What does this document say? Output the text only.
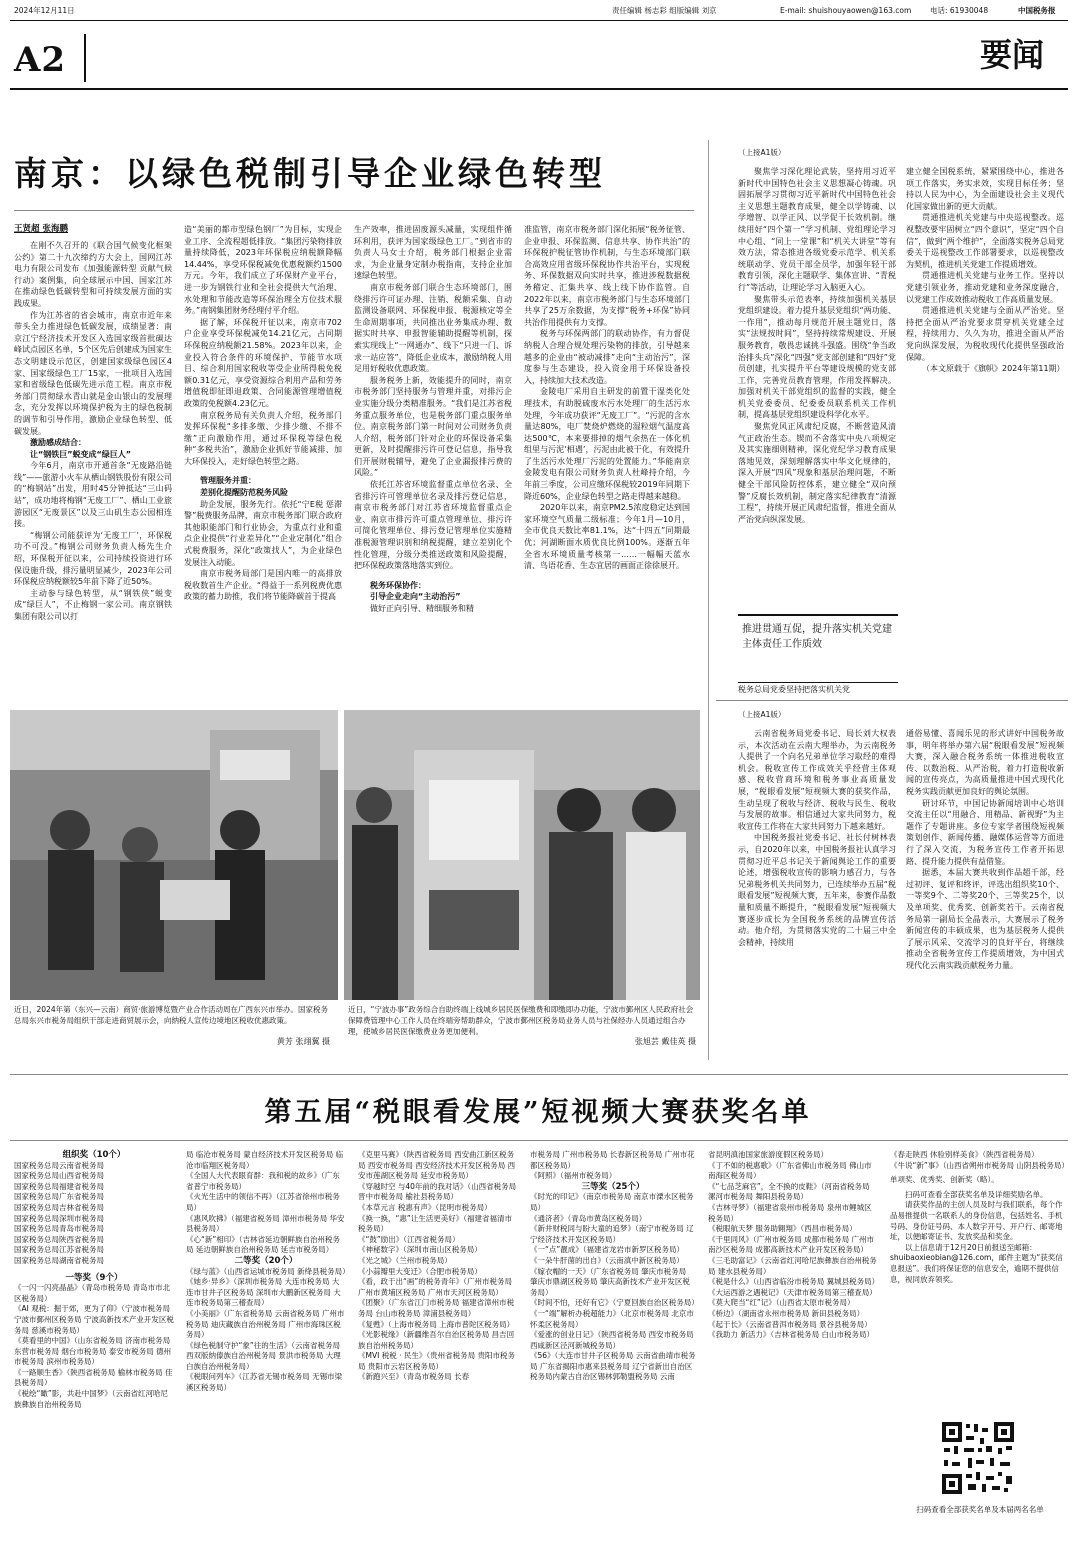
2024年12月11日	责任编辑 杨志彩 组版编辑 刘京	E-mail: shuishouyaowen@163.com 电话: 61930048	中国税务报
A2	要闻
南京：以绿色税制引导企业绿色转型
王贤超 张海鹏

在刚不久召开的《联合国气候变化框架公约》第二十九次缔约方大会上，国网江苏电力有限公司发布《加强能源转型 贡献气候行动》案例集，向全球展示中国、国家江苏在推动绿色低碳转型和可持续发展方面的实践成果。

作为江苏省的省会城市，南京市近年来带头全力推进绿色低碳发展，成绩显著：南京江宁经济技术开发区入选国家级首批碳达峰试点园区名单，5个区先后创建成为国家生态文明建设示范区，创建国家级绿色园区4家、国家级绿色工厂15家，一批项目入选国家和省级绿色低碳先进示范工程。南京市税务部门贯彻绿水青山就是金山银山的发展理念，充分发挥以环境保护税为主的绿色税制的调节和引导作用，激励企业绿色转型、低碳发展。

激励感成结合：

让“钢铁巨”蜕变成“绿巨人”

今年6月，南京市开通首条“无废路沿链线”——旅游小火车从栖山钢铁股份有限公司的“梅钢站”出发，用时45分钟抵达“三山码站”，成功地将梅钢“无废工厂”、栖山工业旅游园区“无废景区”以及三山矶生态公园相连接。

“梅钢公司能获评为‘无废工厂’，环保税功不可没。”梅钢公司财务负责人杨先生介绍，环保税开征以来，公司持续投资进行环保设施升级，排污量明显减少，2023年公司环保税应纳税额较5年前下降了近50%。

主动参与绿色转型，从“钢铁侠”蜕变成“绿巨人”，不止梅钢一家公司。南京钢铁集团有限公司以打

造“美丽的都市型绿色钢厂”为目标，实现企业工序、全流程超低排放。“集团污染物排放量持续降低，2023年环保税应纳税额降幅14.44%，享受环保税减免优惠税额约1500万元。今年，我们成立了环保财产业平台，进一步为钢铁行业和全社会提供大气治理、水处理和节能改造等环保治理全方位技术服务。”南钢集团财务经理付平介绍。

据了解，环保税开征以来，南京市702户企业享受环保税减免14.21亿元，占同期环保税应纳税额21.58%。2023年以来，企业投入符合条件的环境保护、节能节水项目、综合利用国家税收等受企业所得税免税额0.31亿元，享受资源综合利用产品和劳务增值税即征即退政策、合同能源管理增值税政策的免税额4.23亿元。

南京税务局有关负责人介绍，税务部门发挥环保税“多排多缴、少排少缴、不排不缴”正向激励作用，通过环保税等绿色税种“多税共治”，激励企业抓好节能减排、加大环保投入，走好绿色转型之路。

管理服务并重：

差别化提醒防范税务风险

助企发展，服务先行。依托“宁E税 惩滞警”税费服务品牌，南京市税务部门联合政府其他职能部门和行业协会，为重点行业和重点企业提供“行业差异化”“企业定制化”组合式税费服务，深化“政策找人”，为企业绿色发展注入动能。

南京市税务局部门是国内唯一的高排放税收数首生产企业。“得益于一系列税费优惠政策的蓄力助推，我们将节能降碳首于提高

生产效率，推进固废源头减量，实现组件循环利用，获评为国家级绿色工厂。”到省市的负责人马女士介绍，税务部门根据企业需求，为企业量身定制办税指南，支持企业加速绿色转型。

南京市税务部门联合生态环境部门，围绕排污许可证办理、注销、税额采集、自动监测设备联网、环保税申报、税源核定等全生命周期事项，共同推出业务集成办理、数据实时共享、申报智能辅助提醒等机制，探索实现线上“一网通办”、线下“只进一门、诉求一站应答”，降低企业成本，激励纳税人用足用好税收优惠政策。

服务税务上新，效能提升的同时，南京市税务部门坚持服务与管理并重，对排污企业实施分级分类精准服务。“我们是江苏省税务重点服务单位，也是税务部门重点服务单位。南京税务部门第一时间对公司财务负责人介绍，税务部门针对企业的环保设备采集更新，及时提醒排污许可登记信息，指导我们开展财税辅导，避免了企业漏报排污费的风险。”

依托江苏省环境监督重点单位名录、全省排污许可管理单位名录及排污登记信息，南京市税务部门对江苏省环境监督重点企业、南京市排污许可重点管理单位、排污许可简化管理单位、排污登记管理单位实施精准税源管理识别和纳税提醒，建立差别化个性化管理，分级分类推送政策和风险提醒，把环保税政策落地落实到位。

税务环保协作：

引导企业走向“主动治污”

做好正向引导、精细服务和精

准监管，南京市税务部门深化拓展“税务征管、企业申报、环保监测、信息共享、协作共治”的环保税护税征管协作机制，与生态环境部门联合高效应用省级环保税协作共治平台，实现税务、环保数据双向实时共享，推进涉税数据税务稽定、汇集共享、线上线下协作监管。自2022年以来，南京市税务部门与生态环境部门共享了25万余数据，为支撑“税务+环保”协同共治作用提供有力支撑。

税务与环保两部门的联动协作，有力督促纳税人合理合规处理污染物的排放，引导越来越多的企业由“被动减排”走向“主动治污”，深度参与生态建设，投入资金用于环保设备投入，持续加大技术改造。

金陵电厂采用自主研发的前置干湿类化处理技术，有助脱硫废水污水处理厂的生活污水处理，今年成功获评“无废工厂”。“污泥的含水量达80%，电厂焚烧炉燃烧的湿粒烟气温度高达500℃，本来要排掉的烟气余热在一体化机组里与污泥‘相遇’，污泥由此被干化，有效提升了生活污水处理厂污泥的处置能力。”华能南京金陵发电有限公司财务负责人杜峰持介绍，今年前三季度，公司应缴环保税较2019年同期下降近60%，企业绿色转型之路走得越来越稳。

2020年以来，南京PM2.5浓度稳定达到国家环境空气质量二级标准；今年1月—10月，全市优良天数比率81.1%，达“十四五”同期最优；河湖断面水质优良比例100%。逐渐五年全省水环境质量考核第一……一幅幅天蓝水清、鸟语花香、生态宜居的画面正徐徐展开。

（上接A1版）

聚焦学习深化理论武装，坚持用习近平新时代中国特色社会主义思想凝心铸魂。巩固拓展学习贯彻习近平新时代中国特色社会主义思想主题教育成果，健全以学铸魂、以学增智、以学正风、以学促干长效机制。继续用好“四个第一”学习机制、党组理论学习中心组、“同上一堂课”和“机关大讲堂”等有效方法，常态推进各级党委示范学、机关系统联动学、党员干部全员学，加强年轻干部教育引领，深化主题联学、集体宣讲、“青税行”等活动，让理论学习入脑更入心。

聚焦带头示范表率，持续加强机关基层党组织建设。着力提升基层党组织“两功能、一作用”，推动每月规范开展主题党日，落实“法规按时间”，坚持持续常规建设、开展服务教育，敬畏忠诚挑斗强盛。围绕“争当政治排头兵”深化“四强”党支部创建和“四好”党员创建，扎实提升平台等建设规模的党支部工作，完善党员教育管理，作用发挥解决。加强对机关干部党组织的监督的实践，健全机关党委委员、纪委委员联系机关工作机制，提高基层党组织建设科学化水平。

聚焦党风正风肃纪反腐，不断营造风清气正政治生态。锲而不舍落实中央八项规定及其实施细则精神，深化党纪学习教育成果落地见效，深刻理解落实中华文化规律的，深入开展“四风”现象和基层治理问题，不断健全干部风险防控体系，建立健全“双向预警”反腐长效机制，制定落实纪律教育“清源工程”，持续开展正风肃纪监督，推进全面从严治党向纵深发展。

建立健全国税系统，紧紧围绕中心，推进各项工作落实，务实求效，实现目标任务；坚持以人民为中心，为全面建设社会主义现代化国家做出新的更大贡献。

贯通推进机关党建与中央巡视整改。巡视整改要牢固树立“四个意识”，坚定“四个自信”，做到“两个维护”，全面落实税务总局党委关于巡视整改工作部署要求，以巡视整改为契机，推进机关党建工作提质增效。

贯通推进机关党建与业务工作。坚持以党建引领业务，推动党建和业务深度融合，以党建工作成效推动税收工作高质量发展。

贯通推进机关党建与全面从严治党。坚持把全面从严治党要求贯穿机关党建全过程，持续用力、久久为功，推进全面从严治党向纵深发展，为税收现代化提供坚强政治保障。

（本文原载于《旗帜》2024年第11期）

推进贯通互促，提升落实机关党建主体责任工作质效
税务总局党委坚持把落实机关党
（上接A1版）

云南省税务局党委书记、局长刘大权表示，本次活动在云南大理举办，为云南税务人提供了一个向名兄弟单位学习取经的难得机会。税收宣传工作成效关乎经营主体观感、税收营商环境和税务事业高质量发展，“税眼看发展”短视频大赛的获奖作品，生动呈现了税收与经济、税收与民生、税收与发展的故事。相信通过大家共同努力，税收宣传工作将在大家共同努力下越来越好。

中国税务报社党委书记、社长付树林表示，自2020年以来，中国税务报社认真学习贯彻习近平总书记关于新闻舆论工作的重要论述，增强税收宣传的影响力感召力，与各兄弟税务机关共同努力，已连续举办五届“税眼看发展”短视频大赛，五年来，参赛作品数量和质量不断提升，“税眼看发展”短视频大赛逐步成长为全国税务系统的品牌宣传活动。他介绍，为贯彻落实党的二十届三中全会精神，持续用

通俗易懂、喜闻乐见的形式讲好中国税务故事，明年将举办第六届“税眼看发展”短视频大赛，深入融合税务系统一体推进税收宣传、以数治税、从严治税，着力打造税收新闻的宣传亮点，为高质量推进中国式现代化税务实践贡献更加良好的舆论氛围。

研讨环节，中国记协新闻培训中心培训交流主任以“用融合、用精品、新视野”为主题作了专题讲座。多位专家学者围绕短视频策划创作、新闻传播、融媒体运营等方面进行了深入交流，为税务宣传工作者开拓思路、提升能力提供有益借鉴。

据悉，本届大赛共收到作品超千部，经过初评、复评和终评，评选出组织奖10个、一等奖9个、二等奖20个、三等奖25个，以及单项奖、优秀奖、创新奖若干。云南省税务局第一副局长全晶表示，大赛展示了税务新闻宣传的丰硕成果，也为基层税务人提供了展示风采、交流学习的良好平台，将继续推动全省税务宣传工作提质增效，为中国式现代化云南实践贡献税务力量。

近日，2024年第（东兴—云南）商贸·旅游博览暨产业合作活动周在广西东兴市举办。国家税务总局东兴市税务局组织干部走进商贸展示会，向纳税人宣传边境地区税收优惠政策。
黄芳 张翊翼 摄
近日，“宁波办事”政务综合自助终端上线城乡居民医保缴费和即缴即办功能，宁波市鄞州区人民政府社会保障费管理中心工作人员在终端旁帮助群众，宁波市鄞州区税务局业务人员与社保经办人员通过组合办理，使城乡居民医保缴费业务更加便利。
张旭芸 戴佳英 摄
第五届“税眼看发展”短视频大赛获奖名单
组织奖（10个）
国家税务总局云南省税务局
国家税务总局山西省税务局
国家税务总局福建省税务局
国家税务总局广东省税务局
国家税务总局吉林省税务局
国家税务总局深圳市税务局
国家税务总局青岛市税务局
国家税务总局陕西省税务局
国家税务总局江苏省税务局
国家税务总局湖南省税务局
一等奖（9个）
《一闪一闪亮晶晶》（青岛市税务局 青岛市市北区税务局）
《AI 观税：掘于郊，更为了仰》（宁波市税务局 宁波市鄞州区税务局 宁波高新技术产业开发区税务局 慈溪市税务局）
《莫看里的中国》（山东省税务局 济南市税务局 东营市税务局 烟台市税务局 泰安市税务局 德州市税务局 滨州市税务局）
《一路顺生香》（陕西省税务局 榆林市税务局 佳县税务局）
《税绘“瞰”影，共赴中国梦》（云南省红河哈尼族彝族自治州税务局
局 临沧市税务局 蒙自经济技术开发区税务局 临沧市临翔区税务局）
《全国人大代表眼育群：我和税的故乡》（广东省普宁市税务局）
《火光生活中的领信不再》（江苏省徐州市税务局）
《惠风吹拂》（福建省税务局 漳州市税务局 华安县税务局）
《心“新”相印》（吉林省延边朝鲜族自治州税务局 延边朝鲜族自治州税务局 延吉市税务局）
二等奖（20个）
《绿与蓝》（山西省运城市税务局 新绛县税务局）
《她乡·异乡》（深圳市税务局 大连市税务局 大连市甘井子区税务局 深圳市大鹏新区税务局 大连市税务局第三稽查局）
《小美丽》（广东省税务局 云南省税务局 广州市税务局 迪庆藏族自治州税务局 广州市海珠区税务局）
《绿色税制守护“象”往的生活》（云南省税务局 西双版纳傣族自治州税务局 景洪市税务局 大理白族自治州税务局）
《税眼问列车》（江苏省无锡市税务局 无锡市梁溪区税务局）
《克里马赛》（陕西省税务局 西安曲江新区税务局 西安市税务局 西安经济技术开发区税务局 西安市莲湖区税务局 延安市税务局）
《穿越时空 与40年前的我对话》（山西省税务局 晋中市税务局 榆社县税务局）
《本草元言 税惠有声》（昆明市税务局）
《换一换，“惠”让生活更美好》（福建省福清市税务局）
《“鼓”励出》（江西省税务局）
《神秘数字》（深圳市南山区税务局）
《光之城》（兰州市税务局）
《小蒜瓣里大变迁》（合肥市税务局）
《看，政于出“画”的税务青年》（广州市税务局 广州市黄埔区税务局 广州市天河区税务局）
《团聚》（广东省江门市税务局 福建省漳州市税务局 台山市税务局 漳浦县税务局）
《复甦》（上海市税务局 上海市普陀区税务局）
《光影税缘》（新疆维吾尔自治区税务局 昌吉回族自治州税务局）
《MVI 税税 · 民生》（贵州省税务局 贵阳市税务局 贵阳市云岩区税务局）
《新跑兴至》（青岛市税务局 长春
市税务局 广州市税务局 长春新区税务局 广州市花都区税务局）
《阿照》（福州市税务局）
三等奖（25个）
《时光的印记》（南京市税务局 南京市溧水区税务局）
《通济者》（青岛市黄岛区税务局）
《新井财税同与盼大童的追梦》（南宁市税务局 辽宁经济技术开发区税务局）
《一“点”靓成》（福建省龙岩市新罗区税务局）
《一朵牛肝菌的出自》（云南滇中新区税务局）
《嫁衣帽的一天》（广东省税务局 肇庆市税务局 肇庆市鼎湖区税务局 肇庆高新技术产业开发区税务局）
《时间不怕，还好有它》（宁夏回族自治区税务局）
《一“端”解析办税超能力》（北京市税务局 北京市怀柔区税务局）
《爱涨的创业日记》（陕西省税务局 西安市税务局 西咸新区泾河新城税务局）
《56》（大连市甘井子区税务局 云南省曲靖市税务局 广东省揭阳市惠来县税务局 辽宁省新出自治区税务局内蒙古自治区锡林郭勒盟税务局 云南
省昆明滇池国家旅游度假区税务局）
《丁不如的税惠歌》（广东省佛山市税务局 佛山市南海区税务局）
《“七品芝麻官”，全不换的皮鞋》（河南省税务局 漯河市税务局 舞阳县税务局）
《吉林寻梦》（福建省泉州市税务局 泉州市鲤城区税务局）
《税眼航天梦 服务助翱翔》（西昌市税务局）
《干里同风》（广州市税务局 成都市税务局 广州市南沙区税务局 成都高新技术产业开发区税务局）
《三毛助富记》（云南省红河哈尼族彝族自治州税务局 建水县税务局）
《税是什么》（山西省临汾市税务局 翼城县税务局）
《大运西游之遇税记》（天津市税务局第三稽查局）
《莫大爬当“红”记》（山西省太原市税务局）
《桥边》（湖南省永州市税务局 新田县税务局）
《起于长》（云南省普洱市税务局 景谷县税务局）
《我助力 新活力》（吉林省税务局 白山市税务局）
《春走陕西 休验别样美食》（陕西省税务局）
《牛说“新”事》（山西省朔州市税务局 山阴县税务局）
单项奖、优秀奖、创新奖（略）。
扫码可查看全部获奖名单及详细奖励名单。
请获奖作品的主创人员及时与我们联系，每个作品易推提供一名联系人的身份信息，包括姓名、手机号码、身份证号码、本人数字开号、开户行、邮寄地址，以便邮寄证书、发放奖品和奖金。
以上信息请于12月20日前报送至邮箱：shuibaoxieobian@126.com，邮件主题为“获奖信息报送”。我们将保证您的信息安全，逾期不提供信息，视同放弃领奖。
扫码查看全部获奖名单及本届两名名单
